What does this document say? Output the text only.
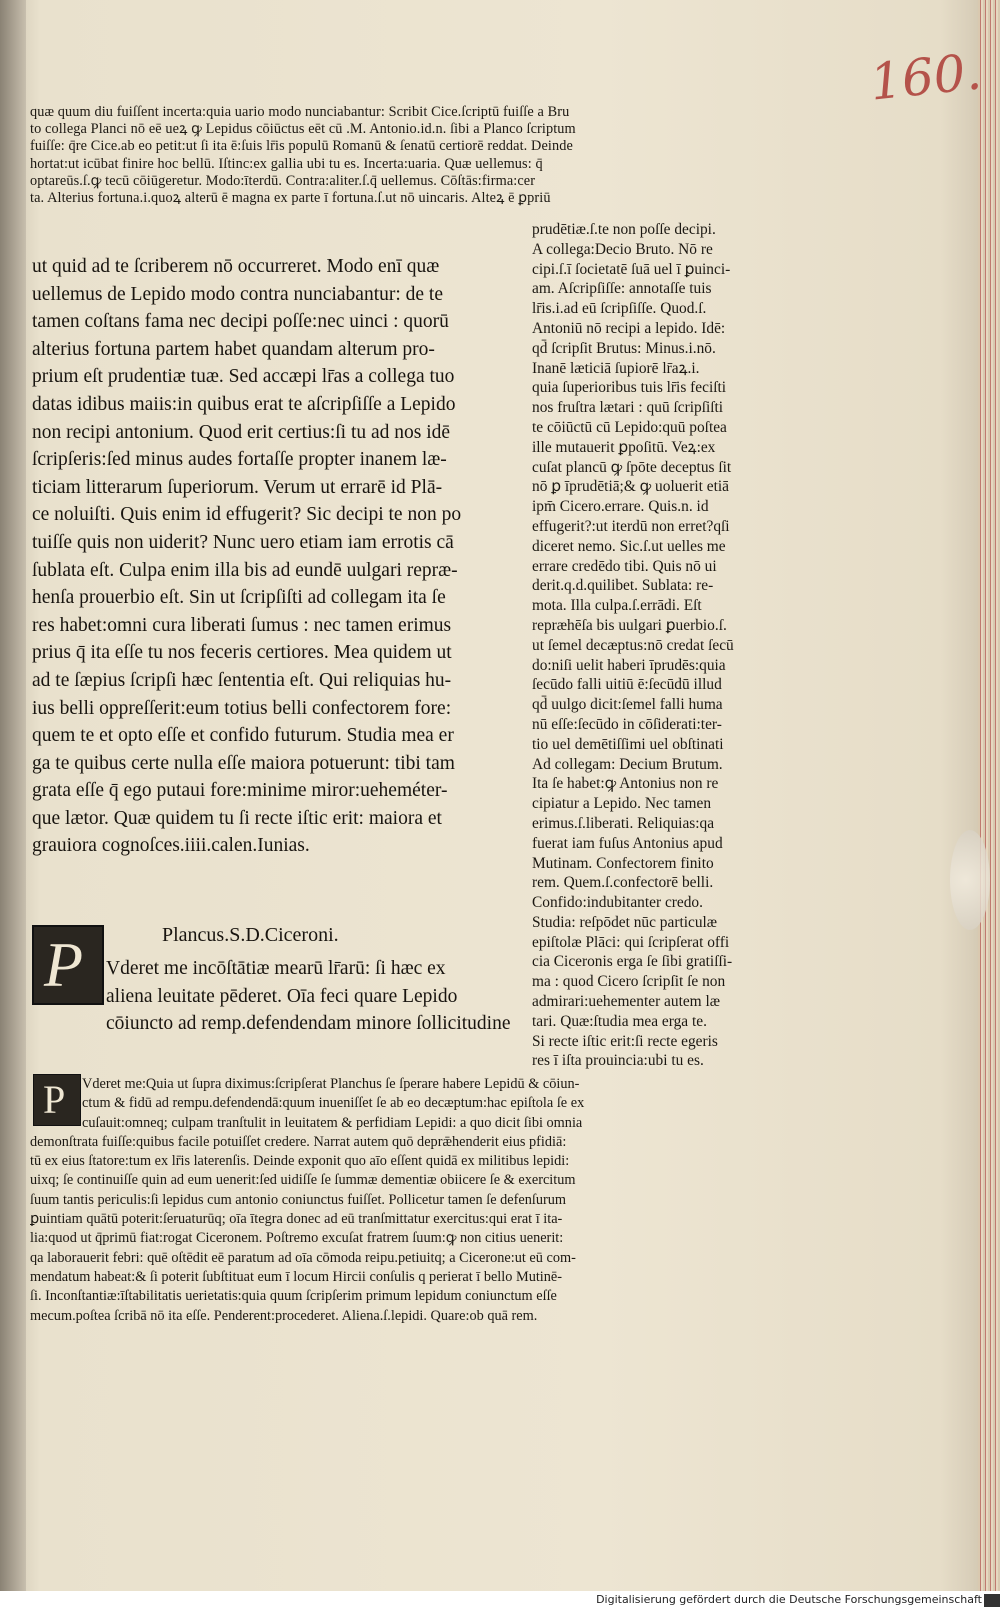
160.
quæ quum diu fuiſſent incerta:quia uario modo nunciabantur: Scribit Cice.ſcriptū fuiſſe a Bru
to collega Planci nō eē ueꝝ ꝙ Lepidus cōiūctus eēt cū .M. Antonio.id.n. ſibi a Planco ſcriptum
fuiſſe: q̄re Cice.ab eo petit:ut ſi ita ē:ſuis lr̄is populū Romanū & ſenatū certiorē reddat. Deinde
hortat:ut icūbat finire hoc bellū. Iſtinc:ex gallia ubi tu es. Incerta:uaria. Quæ uellemus: q̄
optareūs.ſ.ꝙ tecū cōiūgeretur. Modo:īterdū. Contra:aliter.ſ.q̄ uellemus. Cōſtās:firma:cer
ta. Alterius fortuna.i.quoꝝ alterū ē magna ex parte ī fortuna.ſ.ut nō uincaris. Alteꝝ ē ꝑpriū
ut quid ad te ſcriberem nō occurreret. Modo enī quæ
uellemus de Lepido modo contra nunciabantur: de te
tamen coſtans fama nec decipi poſſe:nec uinci : quorū
alterius fortuna partem habet quandam alterum pro-
prium eſt prudentiæ tuæ. Sed accæpi lr̄as a collega tuo
datas idibus maiis:in quibus erat te aſcripſiſſe a Lepido
non recipi antonium. Quod erit certius:ſi tu ad nos idē
ſcripſeris:ſed minus audes fortaſſe propter inanem læ-
ticiam litterarum ſuperiorum. Verum ut errarē id Plā-
ce noluiſti. Quis enim id effugerit? Sic decipi te non po
tuiſſe quis non uiderit? Nunc uero etiam iam errotis cā
ſublata eſt. Culpa enim illa bis ad eundē uulgari repræ-
henſa prouerbio eſt. Sin ut ſcripſiſti ad collegam ita ſe
res habet:omni cura liberati ſumus : nec tamen erimus
prius q̄ ita eſſe tu nos feceris certiores. Mea quidem ut
ad te ſæpius ſcripſi hæc ſententia eſt. Qui reliquias hu-
ius belli oppreſſerit:eum totius belli confectorem fore:
quem te et opto eſſe et confido futurum. Studia mea er
ga te quibus certe nulla eſſe maiora potuerunt: tibi tam
grata eſſe q̄ ego putaui fore:minime miror:ueheméter-
que lætor. Quæ quidem tu ſi recte iſtic erit: maiora et
grauiora cognoſces.iiii.calen.Iunias.
prudētiæ.ſ.te non poſſe decipi.
A collega:Decio Bruto. Nō re
cipi.ſ.ī ſocietatē ſuā uel ī ꝑuinci-
am. Aſcripſiſſe: annotaſſe tuis
lr̄is.i.ad eū ſcripſiſſe. Quod.ſ.
Antoniū nō recipi a lepido. Idē:
qd̄ ſcripſit Brutus: Minus.i.nō.
Inanē læticiā ſupiorē lr̄aꝝ.i.
quia ſuperioribus tuis lr̄is feciſti
nos fruſtra lætari : quū ſcripſiſti
te cōiūctū cū Lepido:quū poſtea
ille mutauerit ꝑpoſitū. Veꝝ:ex
cuſat plancū ꝙ ſpōte deceptus ſit
nō ꝑ īprudētiā;& ꝙ uoluerit etiā
ipm̄ Cicero.errare. Quis.n. id
effugerit?:ut iterdū non erret?qſi
diceret nemo. Sic.ſ.ut uelles me
errare credēdo tibi. Quis nō ui
derit.q.d.quilibet. Sublata: re-
mota. Illa culpa.ſ.errādi. Eſt
repræhēſa bis uulgari ꝑuerbio.ſ.
ut ſemel decæptus:nō credat ſecū
do:niſi uelit haberi īprudēs:quia
ſecūdo falli uitiū ē:ſecūdū illud
qd̄ uulgo dicit:ſemel falli huma
nū eſſe:ſecūdo in cōſiderati:ter-
tio uel demētiſſimi uel obſtinati
Ad collegam: Decium Brutum.
Ita ſe habet:ꝙ Antonius non re
cipiatur a Lepido. Nec tamen
erimus.ſ.liberati. Reliquias:qa
fuerat iam fuſus Antonius apud
Mutinam. Confectorem finito
rem. Quem.ſ.confectorē belli.
Confido:indubitanter credo.
Studia: reſpōdet nūc particulæ
epiſtolæ Plāci: qui ſcripſerat offi
cia Ciceronis erga ſe ſibi gratiſſi-
ma : quod Cicero ſcripſit ſe non
admirari:uehementer autem læ
tari. Quæ:ſtudia mea erga te.
Si recte iſtic erit:ſi recte egeris
res ī iſta prouincia:ubi tu es.
P	Plancus.S.D.Ciceroni.
Vderet me incōſtātiæ mearū lr̄arū: ſi hæc ex
aliena leuitate pēderet. Oīa feci quare Lepido
cōiuncto ad remp.defendendam minore ſollicitudine
P	Vderet me:Quia ut ſupra diximus:ſcripſerat Planchus ſe ſperare habere Lepidū & cōiun-
ctum & fidū ad rempu.defendendā:quum inueniſſet ſe ab eo decæptum:hac epiſtola ſe ex
cuſauit:omneq; culpam tranſtulit in leuitatem & perfidiam Lepidi: a quo dicit ſibi omnia
demonſtrata fuiſſe:quibus facile potuiſſet credere. Narrat autem quō deprǣhenderit eius pfidiā:
tū ex eius ſtatore:tum ex lr̄is laterenſis. Deinde exponit quo aīo eſſent quidā ex militibus lepidi:
uixq; ſe continuiſſe quin ad eum uenerit:ſed uidiſſe ſe ſummæ dementiæ obiicere ſe & exercitum
ſuum tantis periculis:ſi lepidus cum antonio coniunctus fuiſſet. Pollicetur tamen ſe defenſurum
ꝑuintiam quātū poterit:ſeruaturūq; oīa ītegra donec ad eū tranſmittatur exercitus:qui erat ī ita-
lia:quod ut q̄primū fiat:rogat Ciceronem. Poſtremo excuſat fratrem ſuum:ꝙ non citius uenerit:
qa laborauerit febri: quē oſtēdit eē paratum ad oīa cōmoda reipu.petiuitq; a Cicerone:ut eū com-
mendatum habeat:& ſi poterit ſubſtituat eum ī locum Hircii conſulis q perierat ī bello Mutinē-
ſi. Inconſtantiæ:īſtabilitatis uerietatis:quia quum ſcripſerim primum lepidum coniunctum eſſe
mecum.poſtea ſcribā nō ita eſſe. Penderent:procederet. Aliena.ſ.lepidi. Quare:ob quā rem.
Digitalisierung gefördert durch die Deutsche Forschungsgemeinschaft
